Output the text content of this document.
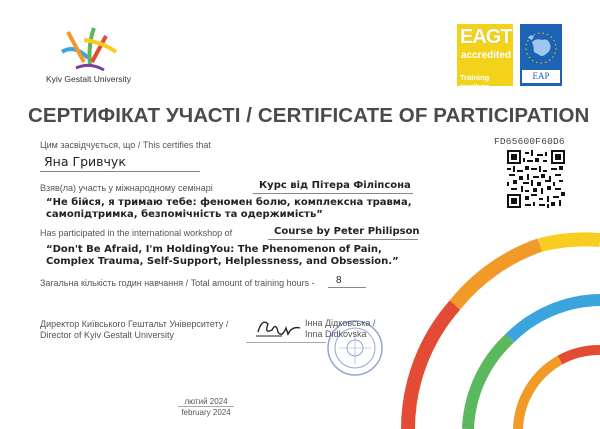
Kyiv Gestalt University
EAGT
accredited
Training Institute
EAP
СЕРТИФІКАТ УЧАСТІ / CERTIFICATE OF PARTICIPATION
Цим засвідчується, що / This certifies that	FD65600F60D6
Яна Гривчук
Взяв(ла) участь у міжнародному семінарі	Курс від Пітера Філіпсона
“Не бійся, я тримаю тебе: феномен болю, комплексна травма, самопідтримка, безпомічність та одержимість”
Has participated in the international workshop of	Course by Peter Philipson
“Don't Be Afraid, I'm HoldingYou: The Phenomenon of Pain, Complex Trauma, Self-Support, Helplessness, and Obsession.”
Загальна кількість годин навчання / Total amount of training hours - 8
Директор Київського Гештальт Університету /
Director of Kyiv Gestalt University
Інна Дідковська /
Inna Didkovska
лютий 2024
february 2024
